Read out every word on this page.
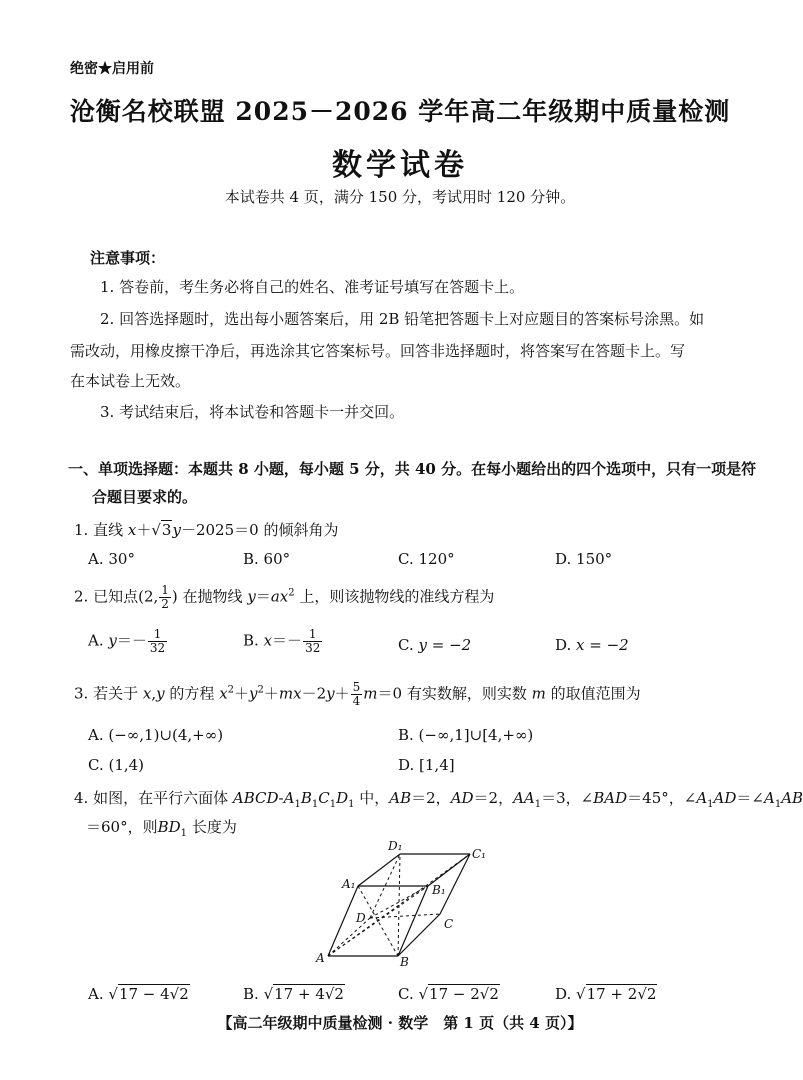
绝密★启用前
沧衡名校联盟 2025－2026 学年高二年级期中质量检测
数学试卷
本试卷共 4 页，满分 150 分，考试用时 120 分钟。
注意事项：
1. 答卷前，考生务必将自己的姓名、准考证号填写在答题卡上。
2. 回答选择题时，选出每小题答案后，用 2B 铅笔把答题卡上对应题目的答案标号涂黑。如
需改动，用橡皮擦干净后，再选涂其它答案标号。回答非选择题时，将答案写在答题卡上。写
在本试卷上无效。
3. 考试结束后，将本试卷和答题卡一并交回。
一、单项选择题：本题共 8 小题，每小题 5 分，共 40 分。在每小题给出的四个选项中，只有一项是符
合题目要求的。
1. 直线 x＋√3y－2025＝0 的倾斜角为
A. 30°	B. 60°	C. 120°	D. 150°
2. 已知点(2, $\frac{1}{2}$ ) 在抛物线 $y=ax^2$ 上，则该抛物线的准线方程为
A. $y=- \frac{1}{32}$	B. $x=- \frac{1}{32}$	C. y = −2	D. x = −2
3. 若关于 x,y 的方程 $x^2+y^2+mx-2y+ \frac{5}{4} m=0$ 有实数解，则实数 m 的取值范围为
A. (−∞,1)∪(4,+∞)	B. (−∞,1]∪[4,+∞)
C. (1,4)	D. [1,4]
4. 如图，在平行六面体 ABCD-$A_1B_1C_1D_1$ 中，AB＝2，AD＝2，$AA_1=3$，∠BAD＝45°，$\angle A_1AD=\angle A_1AB$
＝60°，则$BD_1$ 长度为
A	B
C
D
A₁	B₁
C₁
D₁
A. √17 − 4√2	B. √17 + 4√2	C. √17 − 2√2	D. √17 + 2√2
【高二年级期中质量检测 · 数学　第 1 页（共 4 页）】
